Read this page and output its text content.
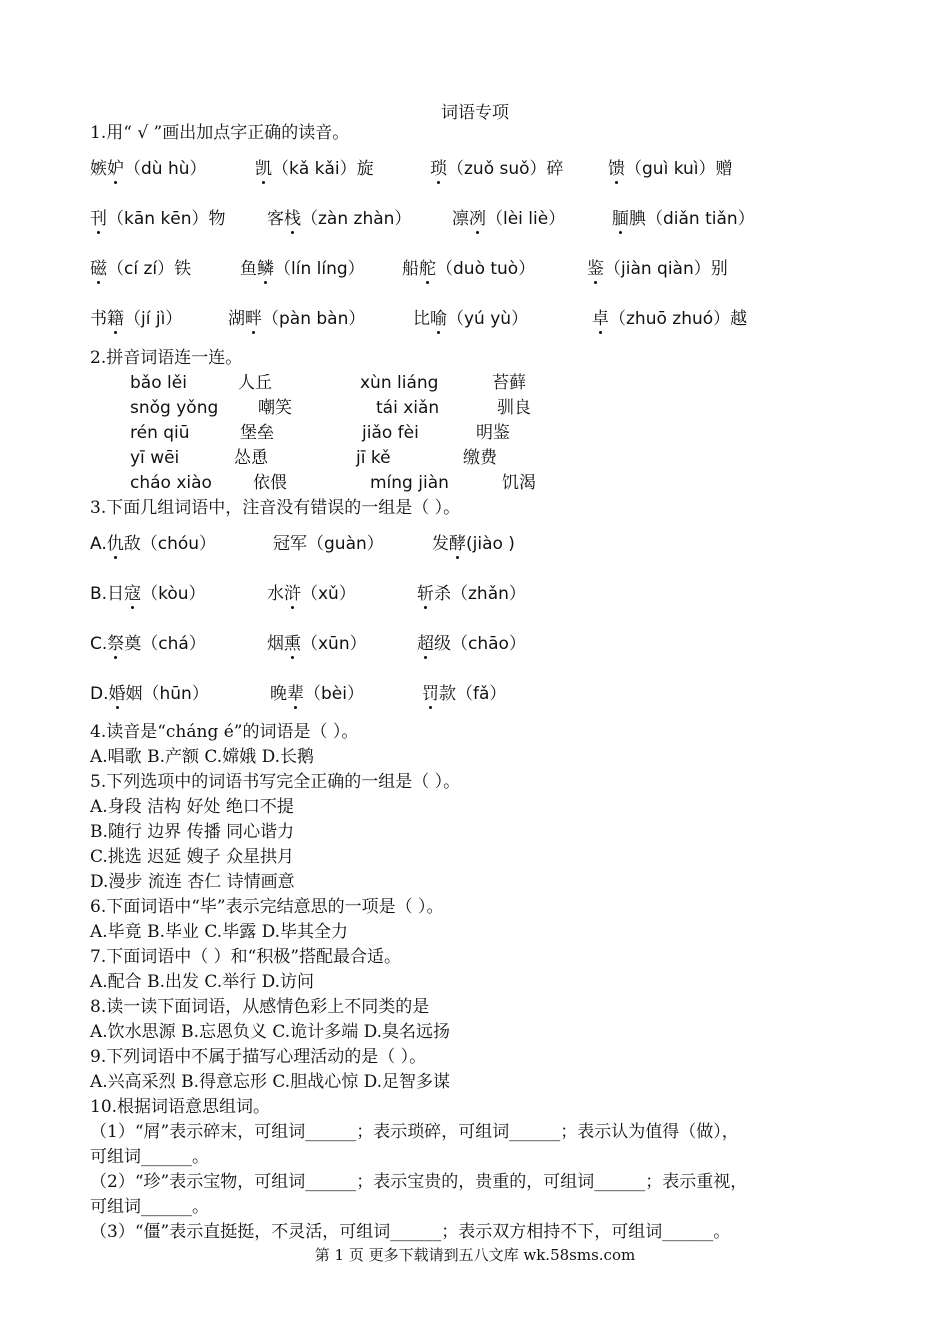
词语专项
1.用“ √ ”画出加点字正确的读音。
嫉妒（dù hù）	凯（kǎ kǎi）旋	琐（zuǒ suǒ）碎	馈（guì kuì）赠
刊（kān kēn）物 客栈（zàn zhàn） 凛冽（lèi liè）	腼腆（diǎn tiǎn）
磁（cí zí）铁	鱼鳞（lín líng） 船舵（duò tuò）	鉴（jiàn qiàn）别
书籍（jí jì）	湖畔（pàn bàn）	比喻（yú yù）	卓（zhuō zhuó）越
2.拼音词语连一连。
bǎo lěi	人丘	xùn liáng	苔藓
snǒg yǒng 嘲笑	tái xiǎn	驯良
rén qiū	堡垒	jiǎo fèi	明鉴
yī wēi	怂恿	jī kě	缴费
cháo xiào 依偎	míng jiàn	饥渴
3.下面几组词语中，注音没有错误的一组是（ ）。
A.仇敌（chóu）	冠军（guàn）	发酵(jiào )
B.日寇（kòu）	水浒（xǔ）	斩杀（zhǎn）
C.祭奠（chá）	烟熏（xūn）	超级（chāo）
D.婚姻（hūn）	晚辈（bèi）	罚款（fǎ）
4.读音是“cháng é”的词语是（ ）。
A.唱歌 B.产额 C.嫦娥 D.长鹅
5.下列选项中的词语书写完全正确的一组是（ ）。
A.身段 洁构 好处 绝口不提
B.随行 边界 传播 同心谐力
C.挑选 迟延 嫂子 众星拱月
D.漫步 流连 杏仁 诗情画意
6.下面词语中“毕”表示完结意思的一项是（ ）。
A.毕竟 B.毕业 C.毕露 D.毕其全力
7.下面词语中（ ）和“积极”搭配最合适。
A.配合 B.出发 C.举行 D.访问
8.读一读下面词语，从感情色彩上不同类的是
A.饮水思源 B.忘恩负义 C.诡计多端 D.臭名远扬
9.下列词语中不属于描写心理活动的是（ ）。
A.兴高采烈 B.得意忘形 C.胆战心惊 D.足智多谋
10.根据词语意思组词。
（1）“屑”表示碎末，可组词______；表示琐碎，可组词______；表示认为值得（做），
可组词______。
（2）“珍”表示宝物，可组词______；表示宝贵的，贵重的，可组词______；表示重视，
可组词______。
（3）“僵”表示直挺挺，不灵活，可组词______；表示双方相持不下，可组词______。
第 1 页 更多下载请到五八文库 wk.58sms.com
